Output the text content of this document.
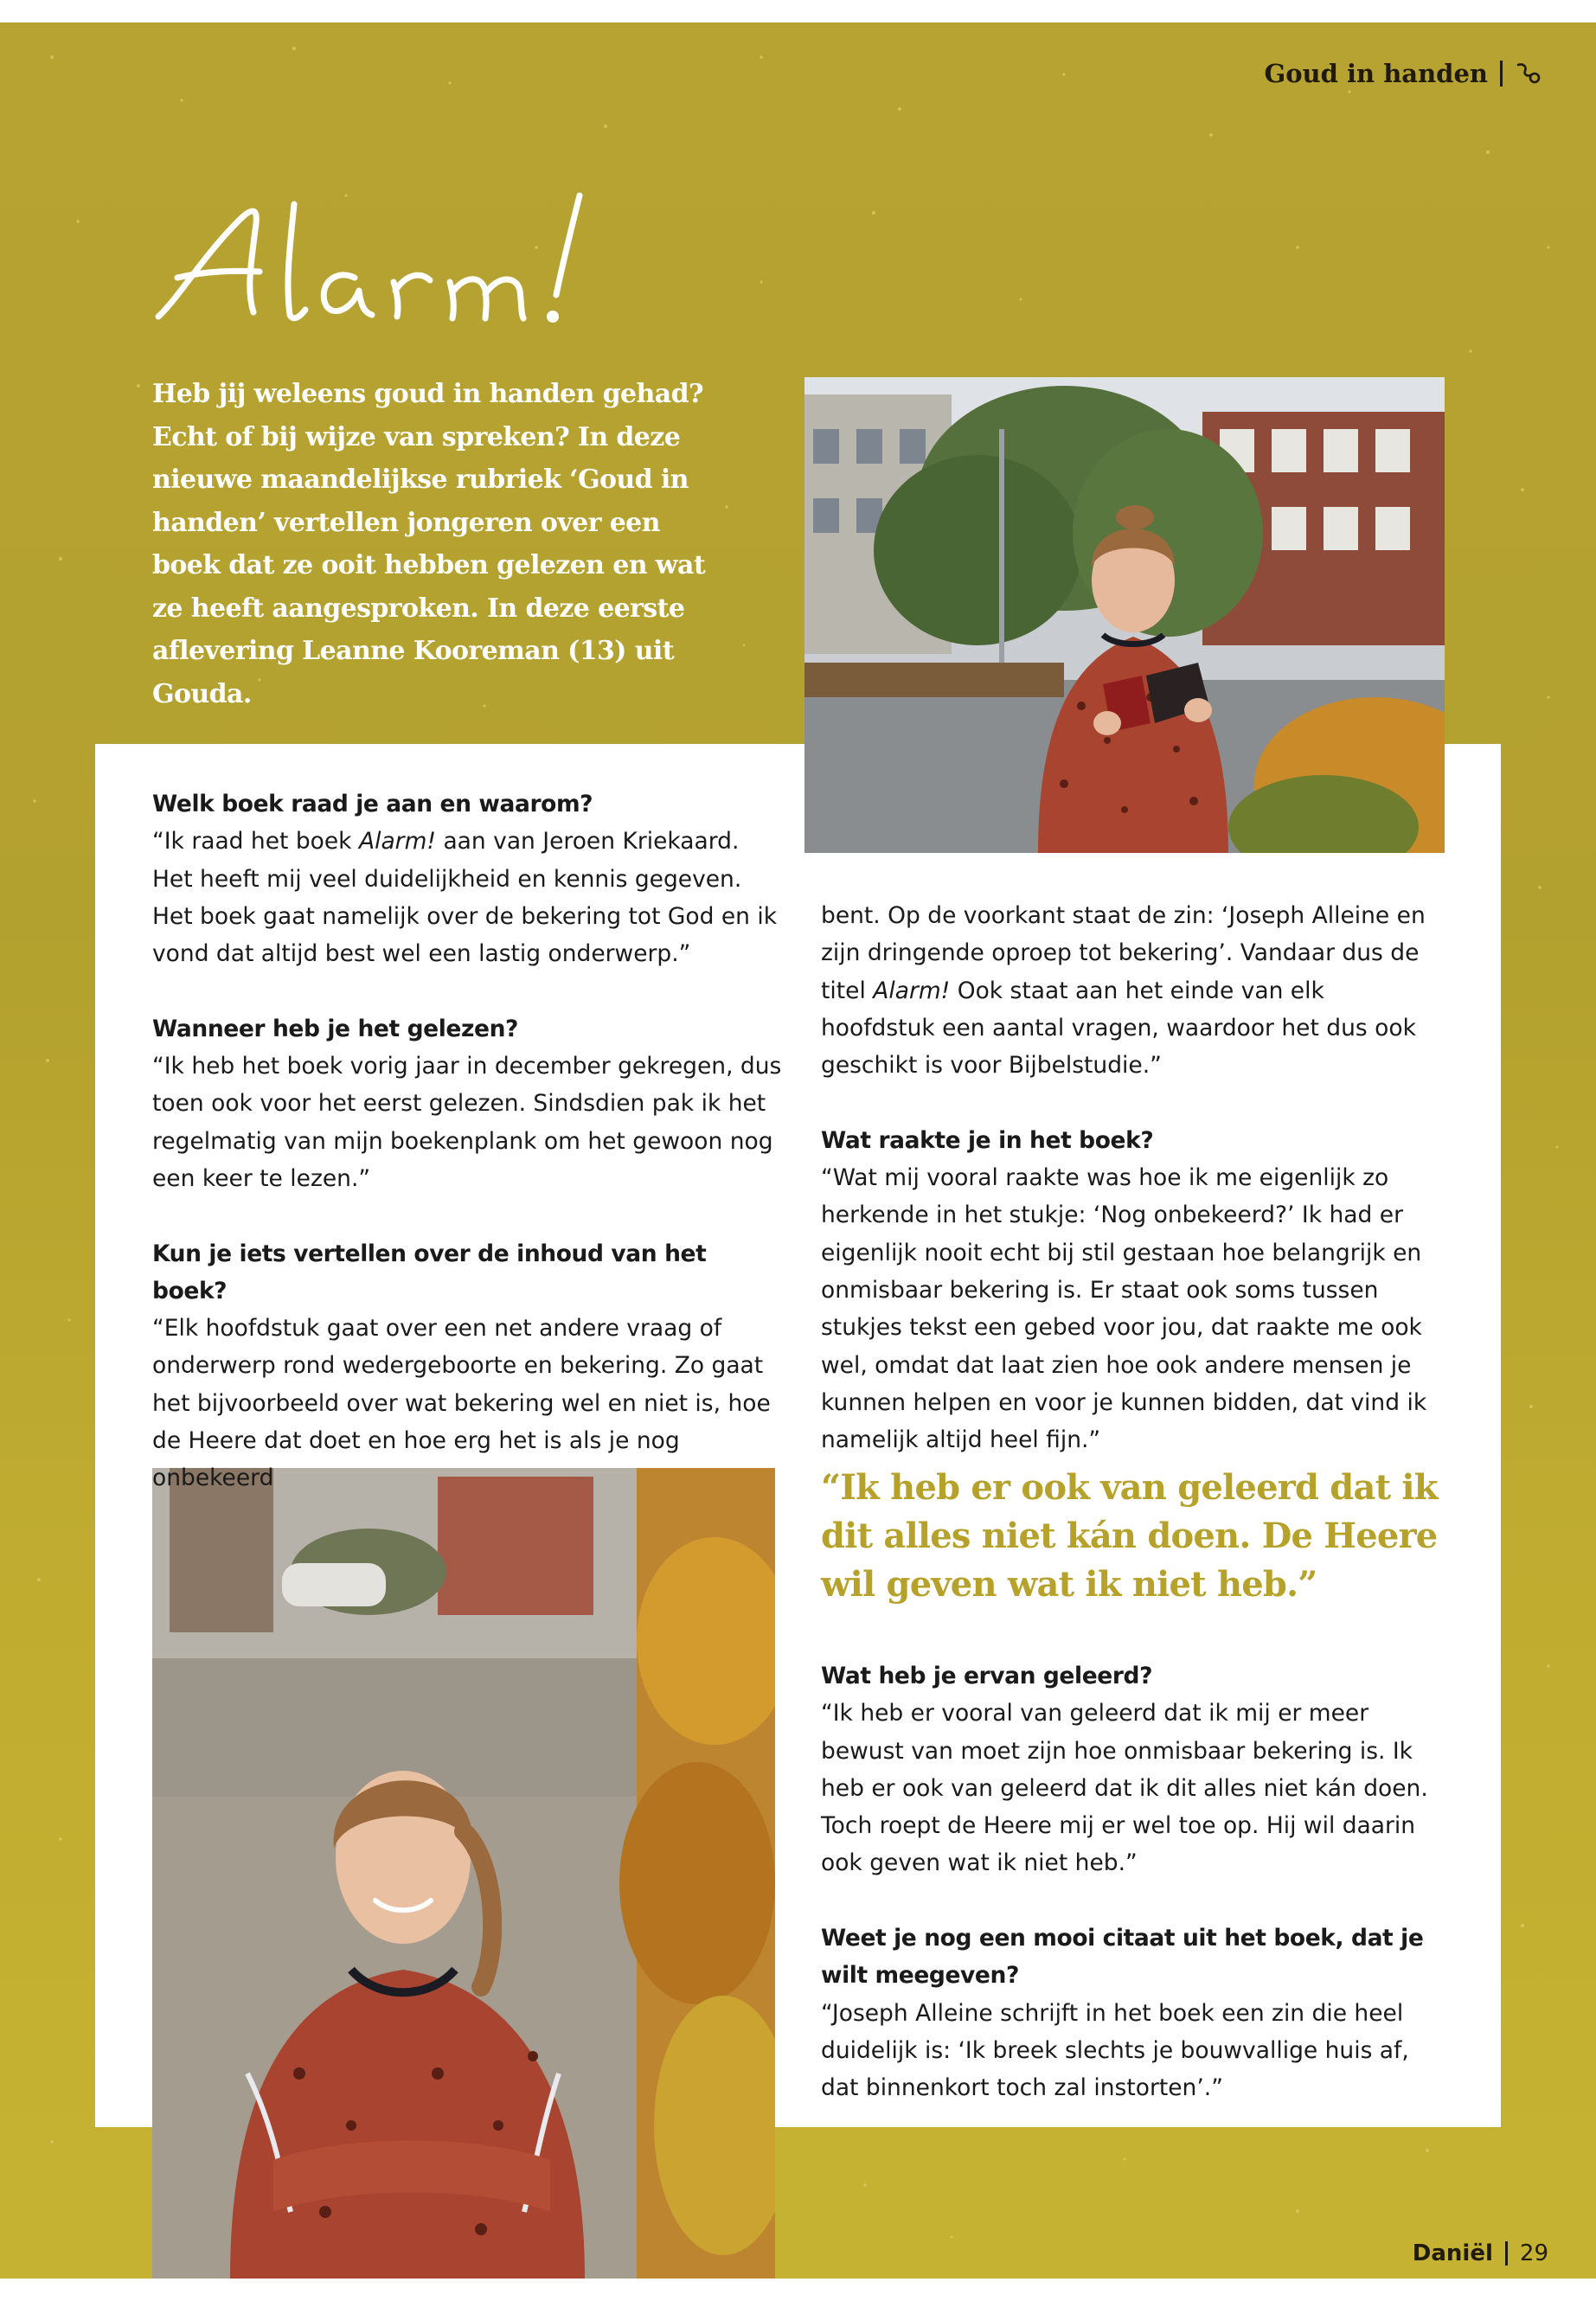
Goud in handen

Heb jij weleens goud in handen gehad? Echt of bij wijze van spreken? In deze nieuwe maandelijkse rubriek ‘Goud in handen’ vertellen jongeren over een boek dat ze ooit hebben gelezen en wat ze heeft aangesproken. In deze eerste aflevering Leanne Kooreman (13) uit Gouda.

Welk boek raad je aan en waarom?

“Ik raad het boek Alarm! aan van Jeroen Kriekaard. Het heeft mij veel duidelijkheid en kennis gegeven. Het boek gaat namelijk over de bekering tot God en ik vond dat altijd best wel een lastig onderwerp.”

Wanneer heb je het gelezen?

“Ik heb het boek vorig jaar in december gekregen, dus toen ook voor het eerst gelezen. Sindsdien pak ik het regelmatig van mijn boekenplank om het gewoon nog een keer te lezen.”

Kun je iets vertellen over de inhoud van het boek?

“Elk hoofdstuk gaat over een net andere vraag of onderwerp rond wedergeboorte en bekering. Zo gaat het bijvoorbeeld over wat bekering wel en niet is, hoe de Heere dat doet en hoe erg het is als je nog onbekeerd

bent. Op de voorkant staat de zin: ‘Joseph Alleine en zijn dringende oproep tot bekering’. Vandaar dus de titel Alarm! Ook staat aan het einde van elk hoofdstuk een aantal vragen, waardoor het dus ook geschikt is voor Bijbelstudie.”

Wat raakte je in het boek?

“Wat mij vooral raakte was hoe ik me eigenlijk zo herkende in het stukje: ‘Nog onbekeerd?’ Ik had er eigenlijk nooit echt bij stil gestaan hoe belangrijk en onmisbaar bekering is. Er staat ook soms tussen stukjes tekst een gebed voor jou, dat raakte me ook wel, omdat dat laat zien hoe ook andere mensen je kunnen helpen en voor je kunnen bidden, dat vind ik namelijk altijd heel fijn.”

“Ik heb er ook van geleerd dat ik dit alles niet kán doen. De Heere wil geven wat ik niet heb.”

Wat heb je ervan geleerd?

“Ik heb er vooral van geleerd dat ik mij er meer bewust van moet zijn hoe onmisbaar bekering is. Ik heb er ook van geleerd dat ik dit alles niet kán doen. Toch roept de Heere mij er wel toe op. Hij wil daarin ook geven wat ik niet heb.”

Weet je nog een mooi citaat uit het boek, dat je wilt meegeven?

“Joseph Alleine schrijft in het boek een zin die heel duidelijk is: ‘Ik breek slechts je bouwvallige huis af, dat binnenkort toch zal instorten’.”

Daniël 29
